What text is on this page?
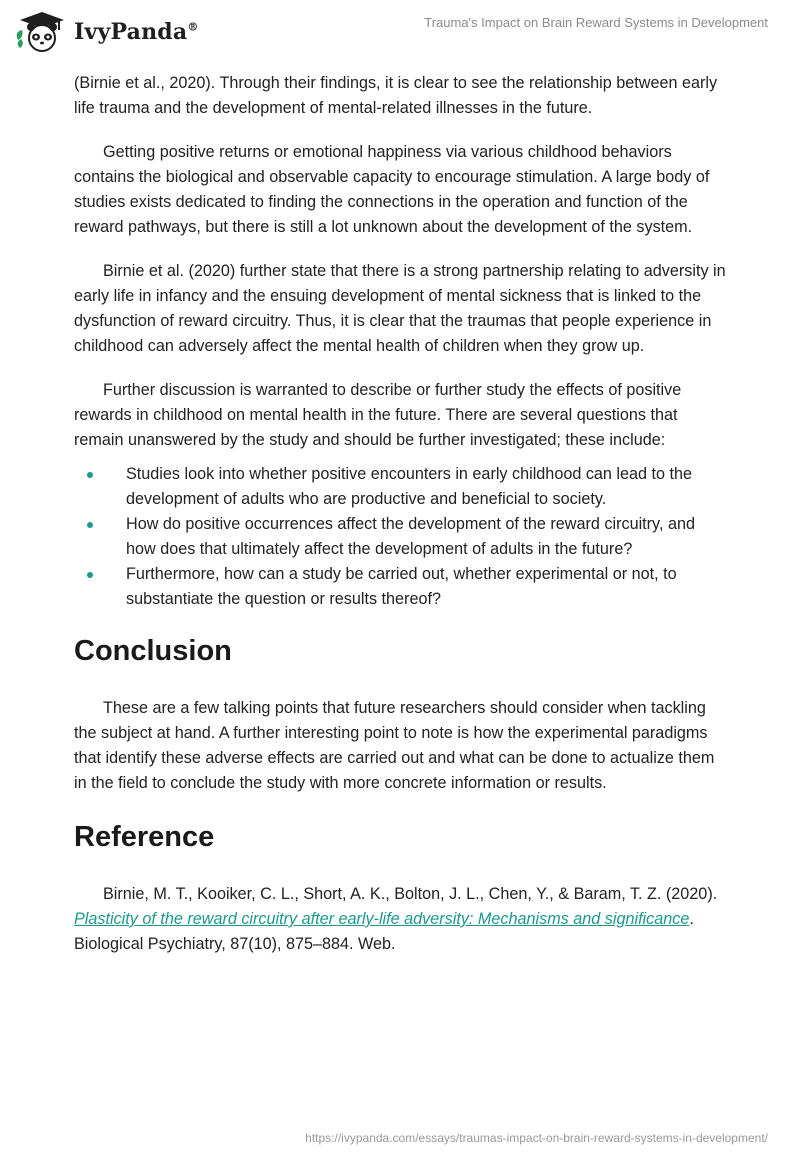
IvyPanda®	Trauma's Impact on Brain Reward Systems in Development

(Birnie et al., 2020). Through their findings, it is clear to see the relationship between early life trauma and the development of mental-related illnesses in the future.

Getting positive returns or emotional happiness via various childhood behaviors contains the biological and observable capacity to encourage stimulation. A large body of studies exists dedicated to finding the connections in the operation and function of the reward pathways, but there is still a lot unknown about the development of the system.

Birnie et al. (2020) further state that there is a strong partnership relating to adversity in early life in infancy and the ensuing development of mental sickness that is linked to the dysfunction of reward circuitry. Thus, it is clear that the traumas that people experience in childhood can adversely affect the mental health of children when they grow up.

Further discussion is warranted to describe or further study the effects of positive rewards in childhood on mental health in the future. There are several questions that remain unanswered by the study and should be further investigated; these include:

Studies look into whether positive encounters in early childhood can lead to the development of adults who are productive and beneficial to society.
How do positive occurrences affect the development of the reward circuitry, and how does that ultimately affect the development of adults in the future?
Furthermore, how can a study be carried out, whether experimental or not, to substantiate the question or results thereof?
Conclusion

These are a few talking points that future researchers should consider when tackling the subject at hand. A further interesting point to note is how the experimental paradigms that identify these adverse effects are carried out and what can be done to actualize them in the field to conclude the study with more concrete information or results.

Reference

Birnie, M. T., Kooiker, C. L., Short, A. K., Bolton, J. L., Chen, Y., & Baram, T. Z. (2020). Plasticity of the reward circuitry after early-life adversity: Mechanisms and significance. Biological Psychiatry, 87(10), 875–884. Web.

https://ivypanda.com/essays/traumas-impact-on-brain-reward-systems-in-development/
